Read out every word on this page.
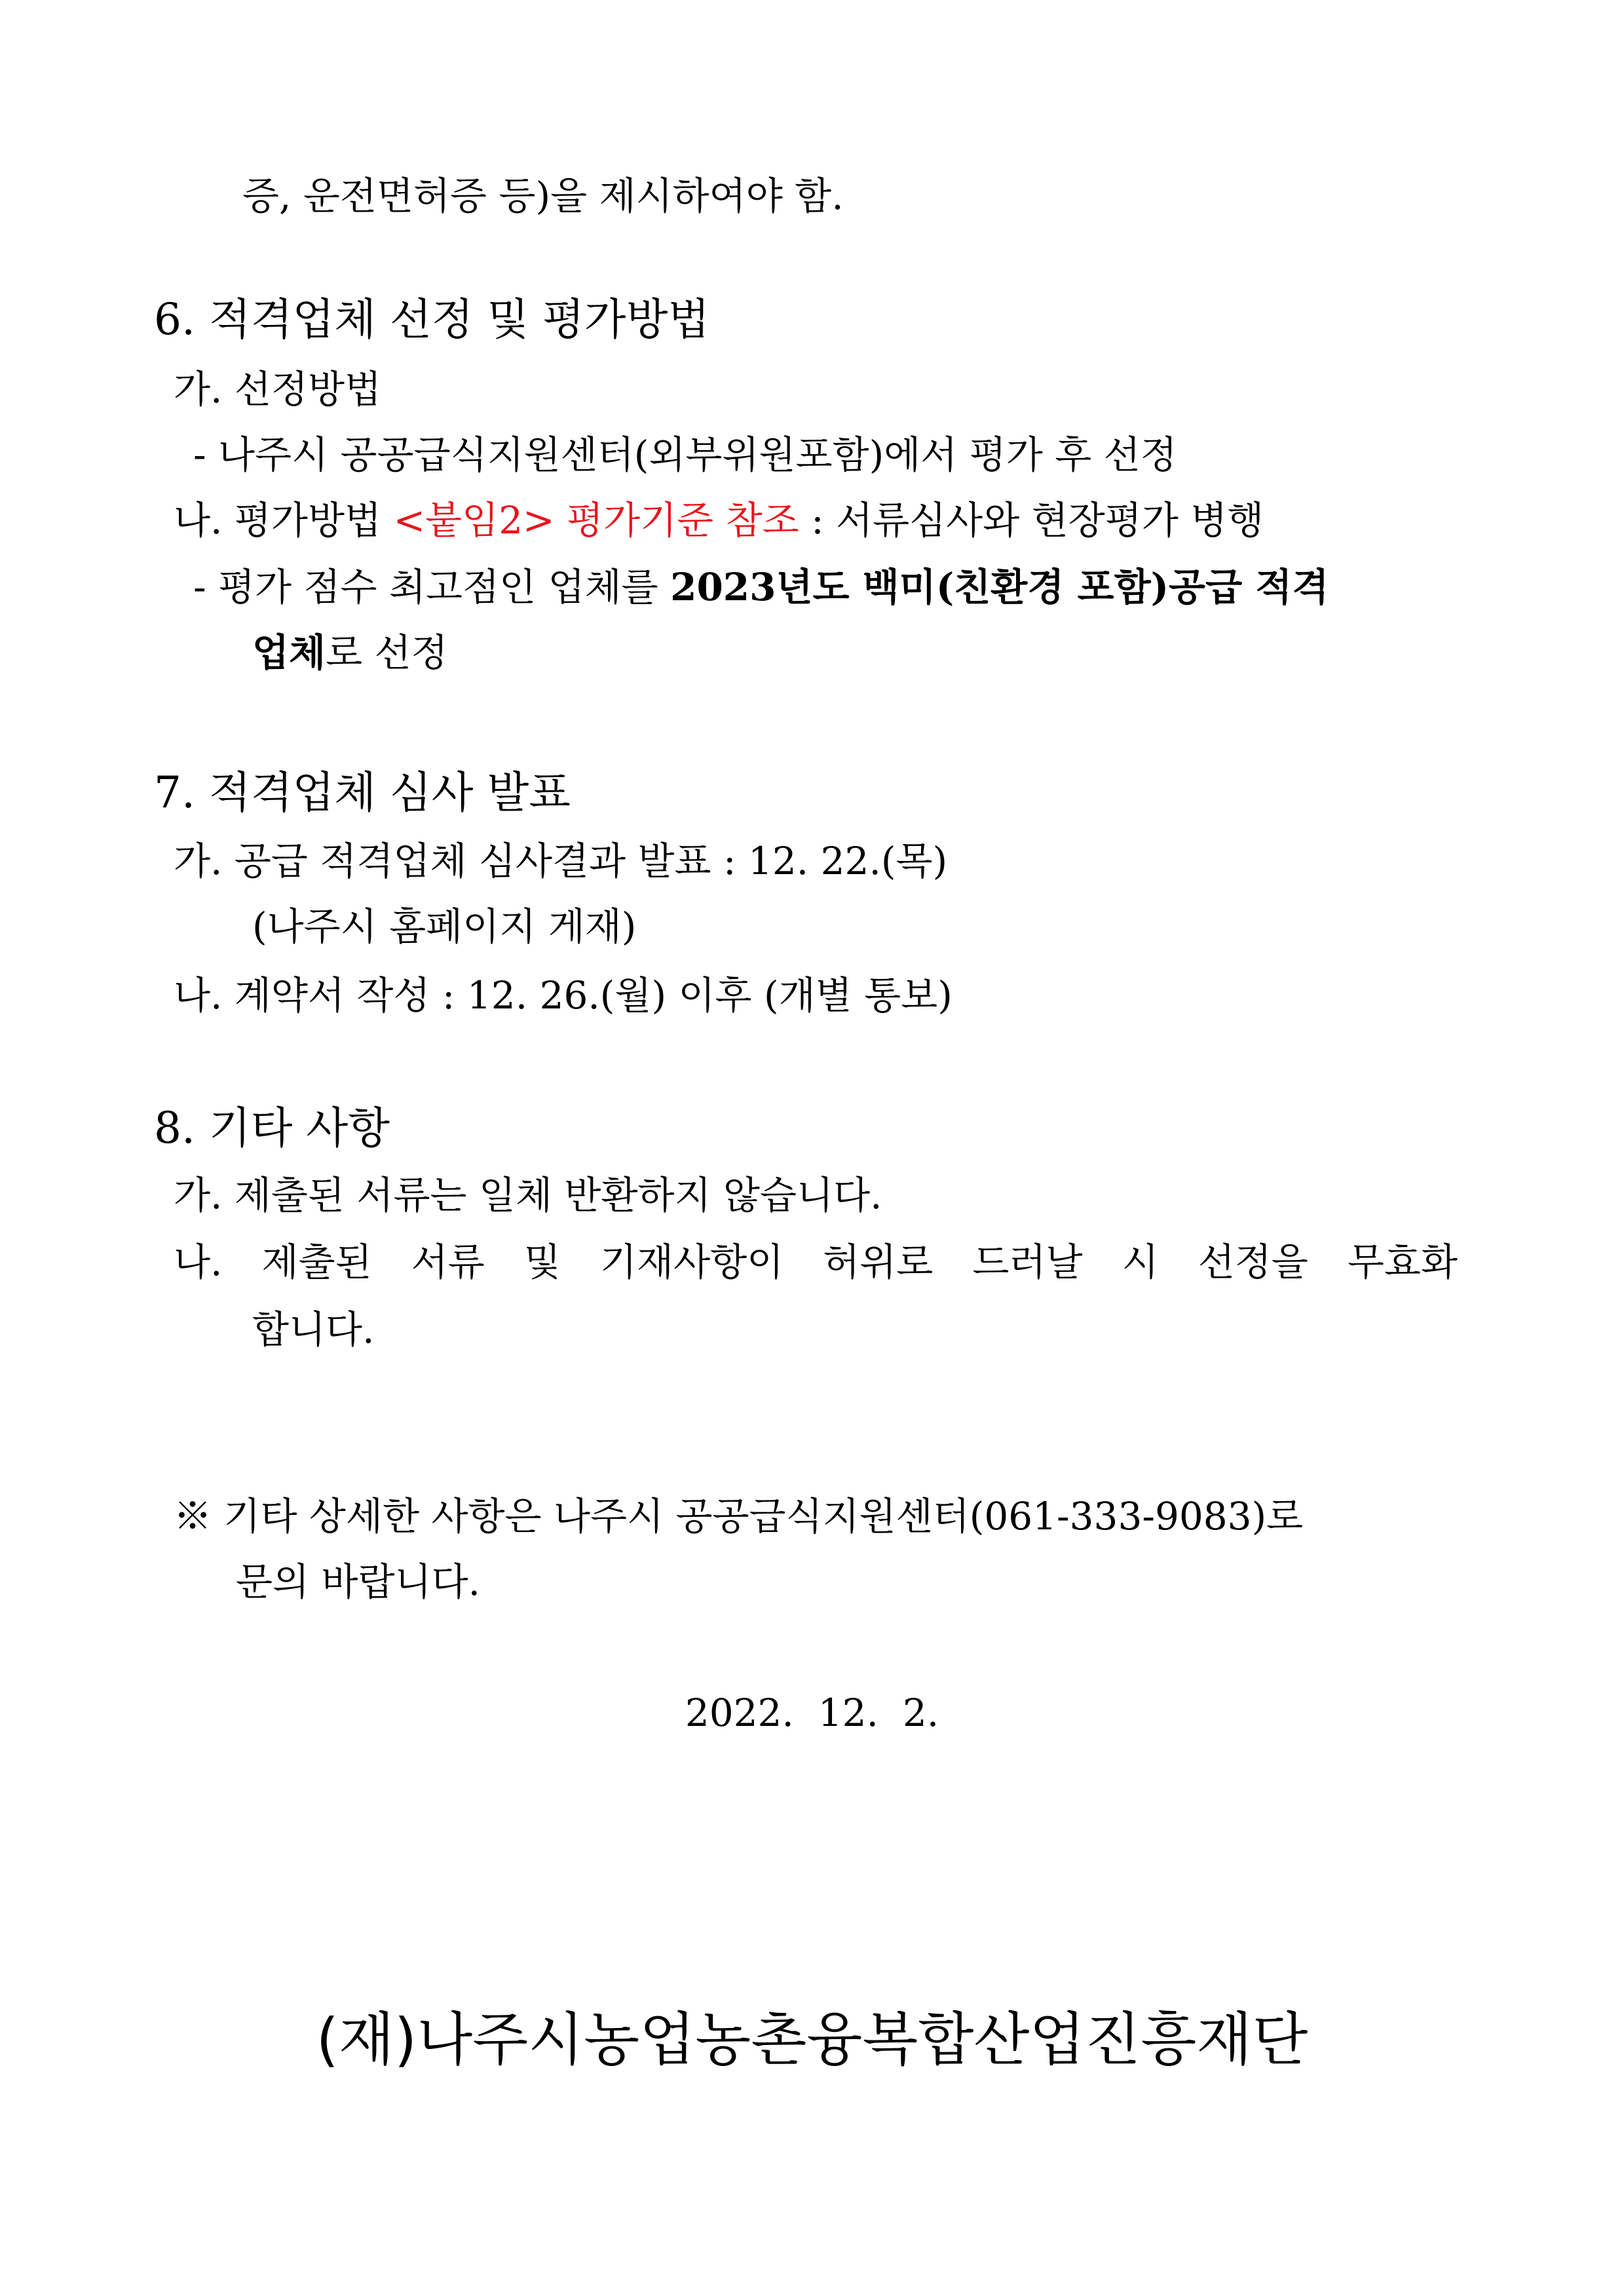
증, 운전면허증 등)을 제시하여야 함.
6. 적격업체 선정 및 평가방법
가. 선정방법
- 나주시 공공급식지원센터(외부위원포함)에서 평가 후 선정
나. 평가방법 <붙임2> 평가기준 참조 : 서류심사와 현장평가 병행
- 평가 점수 최고점인 업체를 2023년도 백미(친환경 포함)공급 적격
업체로 선정
7. 적격업체 심사 발표
가. 공급 적격업체 심사결과 발표 : 12. 22.(목)
(나주시 홈페이지 게재)
나. 계약서 작성 : 12. 26.(월) 이후 (개별 통보)
8. 기타 사항
가. 제출된 서류는 일체 반환하지 않습니다.
나. 제출된 서류 및 기재사항이 허위로 드러날 시 선정을 무효화
합니다.
※ 기타 상세한 사항은 나주시 공공급식지원센터(061-333-9083)로
문의 바랍니다.
2022.  12.  2.
(재)나주시농업농촌융복합산업진흥재단
